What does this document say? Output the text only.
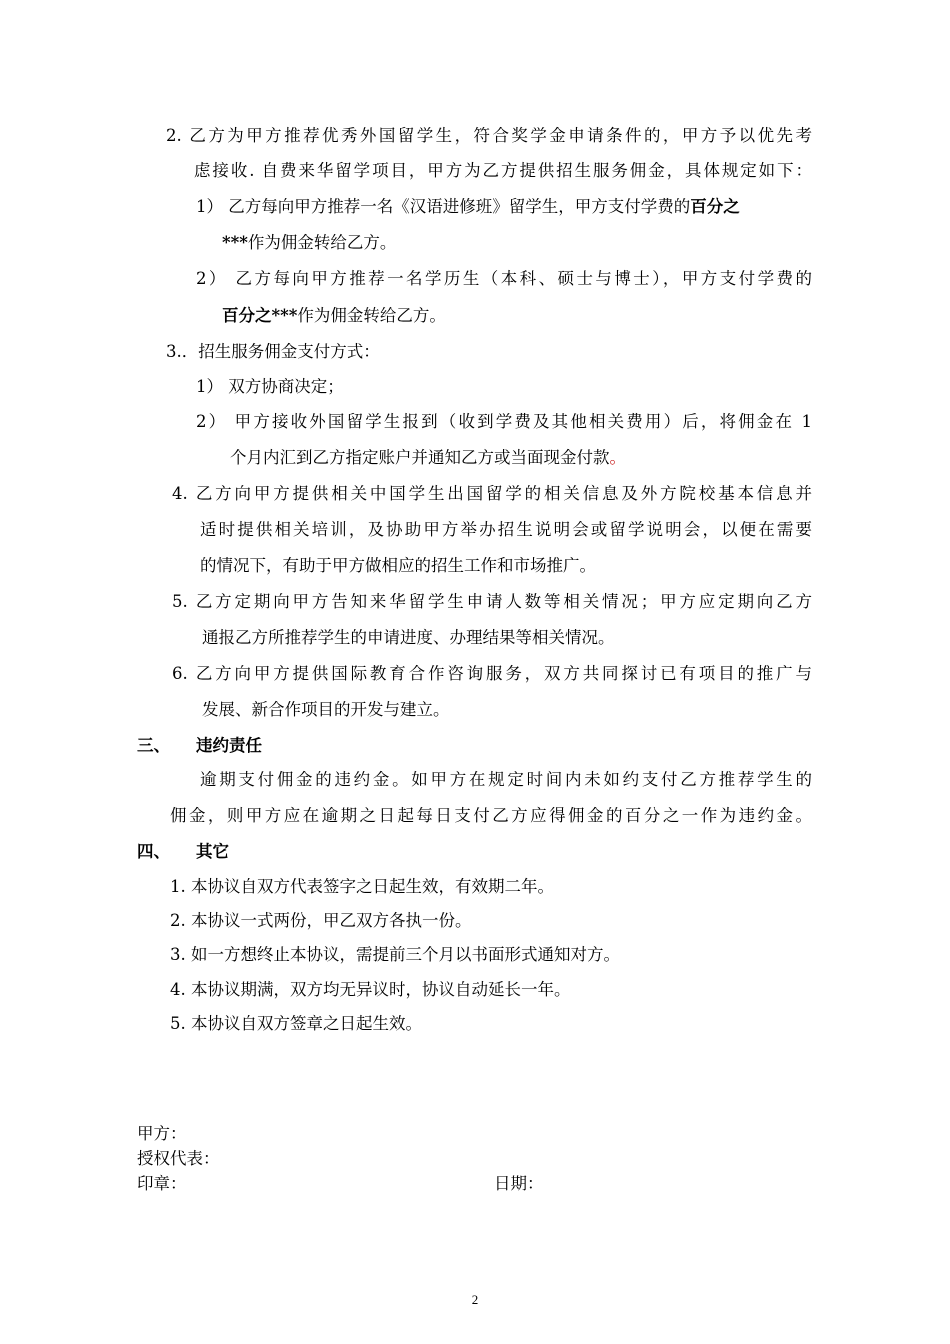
2. 乙方为甲方推荐优秀外国留学生，符合奖学金申请条件的，甲方予以优先考
虑接收. 自费来华留学项目，甲方为乙方提供招生服务佣金，具体规定如下：
1） 乙方每向甲方推荐一名《汉语进修班》留学生，甲方支付学费的百分之
***作为佣金转给乙方。
2） 乙方每向甲方推荐一名学历生（本科、硕士与博士），甲方支付学费的
百分之***作为佣金转给乙方。
3.．招生服务佣金支付方式：
1） 双方协商决定；
2） 甲方接收外国留学生报到（收到学费及其他相关费用）后，将佣金在 1
个月内汇到乙方指定账户并通知乙方或当面现金付款。
4. 乙方向甲方提供相关中国学生出国留学的相关信息及外方院校基本信息并
适时提供相关培训，及协助甲方举办招生说明会或留学说明会，以便在需要
的情况下，有助于甲方做相应的招生工作和市场推广。
5. 乙方定期向甲方告知来华留学生申请人数等相关情况；甲方应定期向乙方
通报乙方所推荐学生的申请进度、办理结果等相关情况。
6. 乙方向甲方提供国际教育合作咨询服务，双方共同探讨已有项目的推广与
发展、新合作项目的开发与建立。
三、 违约责任
逾期支付佣金的违约金。如甲方在规定时间内未如约支付乙方推荐学生的
佣金，则甲方应在逾期之日起每日支付乙方应得佣金的百分之一作为违约金。
四、 其它
1. 本协议自双方代表签字之日起生效，有效期二年。
2. 本协议一式两份，甲乙双方各执一份。
3. 如一方想终止本协议，需提前三个月以书面形式通知对方。
4. 本协议期满，双方均无异议时，协议自动延长一年。
5. 本协议自双方签章之日起生效。
甲方：
授权代表：
印章：	日期：
2
